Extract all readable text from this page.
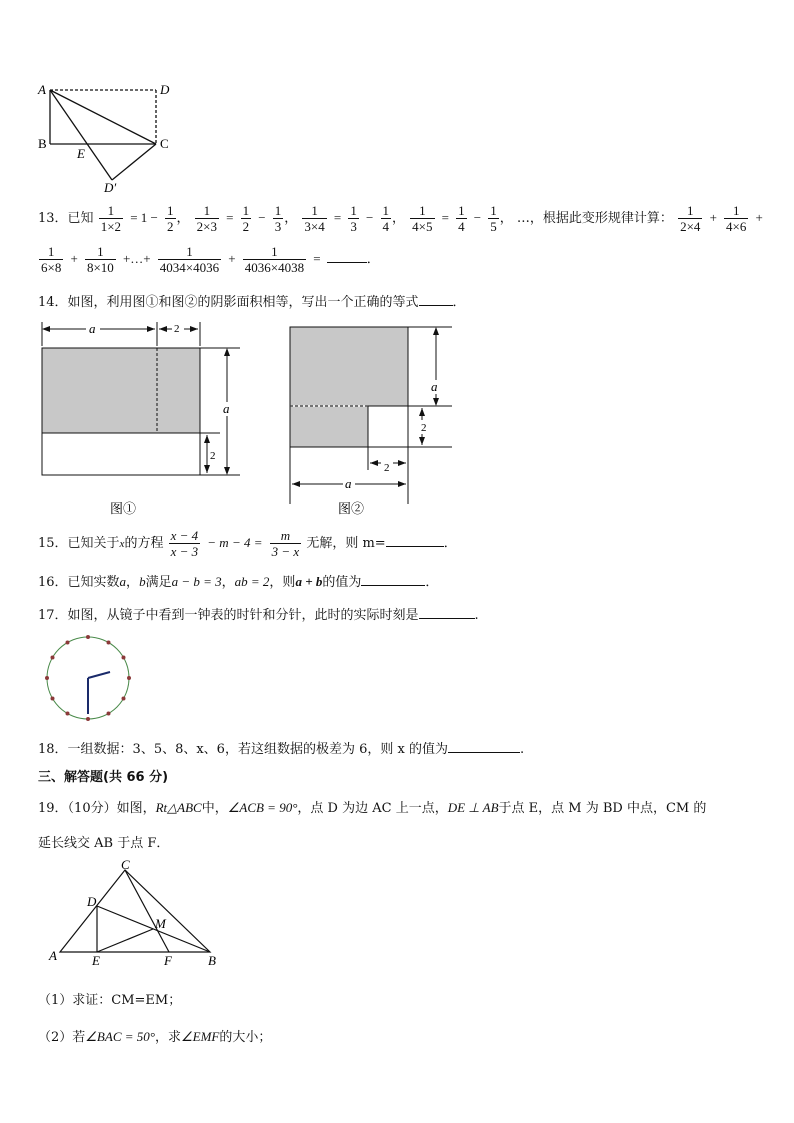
A	D
B	C
E
D′
13．已知 $\frac{1}{1\times 2} = 1 - \frac{1}{2}$ ， $\frac{1}{2\times 3} = \frac{1}{2} - \frac{1}{3}$ ， $\frac{1}{3\times 4} = \frac{1}{3} - \frac{1}{4}$ ， $\frac{1}{4\times 5} = \frac{1}{4} - \frac{1}{5}$ ， …，根据此变形规律计算： $\frac{1}{2\times 4} + \frac{1}{4\times 6}$ +
$\frac{1}{6\times 8} + \frac{1}{8\times 10}$ +…+ $\frac{1}{4034\times 4036} + \frac{1}{4036\times 4038}$ =	．
14．如图，利用图①和图②的阴影面积相等，写出一个正确的等式	．
a	2
a
2
图①
a
2
2
a
图②
15．已知关于x的方程 $\frac{x - 4}{x - 3} - m - 4 = \frac{m}{3 - x}$ 无解，则 m=	．
16．已知实数a，b满足a − b = 3，ab = 2，则a + b的值为	．
17．如图，从镜子中看到一钟表的时针和分针，此时的实际时刻是	.
18．一组数据：3、5、8、x、6，若这组数据的极差为 6，则 x 的值为	.
三、解答题(共 66 分)
19．（10分）如图，Rt△ABC中，∠ACB = 90°，点 D 为边 AC 上一点，DE ⊥ AB于点 E，点 M 为 BD 中点，CM 的
延长线交 AB 于点 F．
C
D
M
A	E	F	B
（1）求证：CM=EM；
（2）若∠BAC = 50°，求∠EMF的大小；
